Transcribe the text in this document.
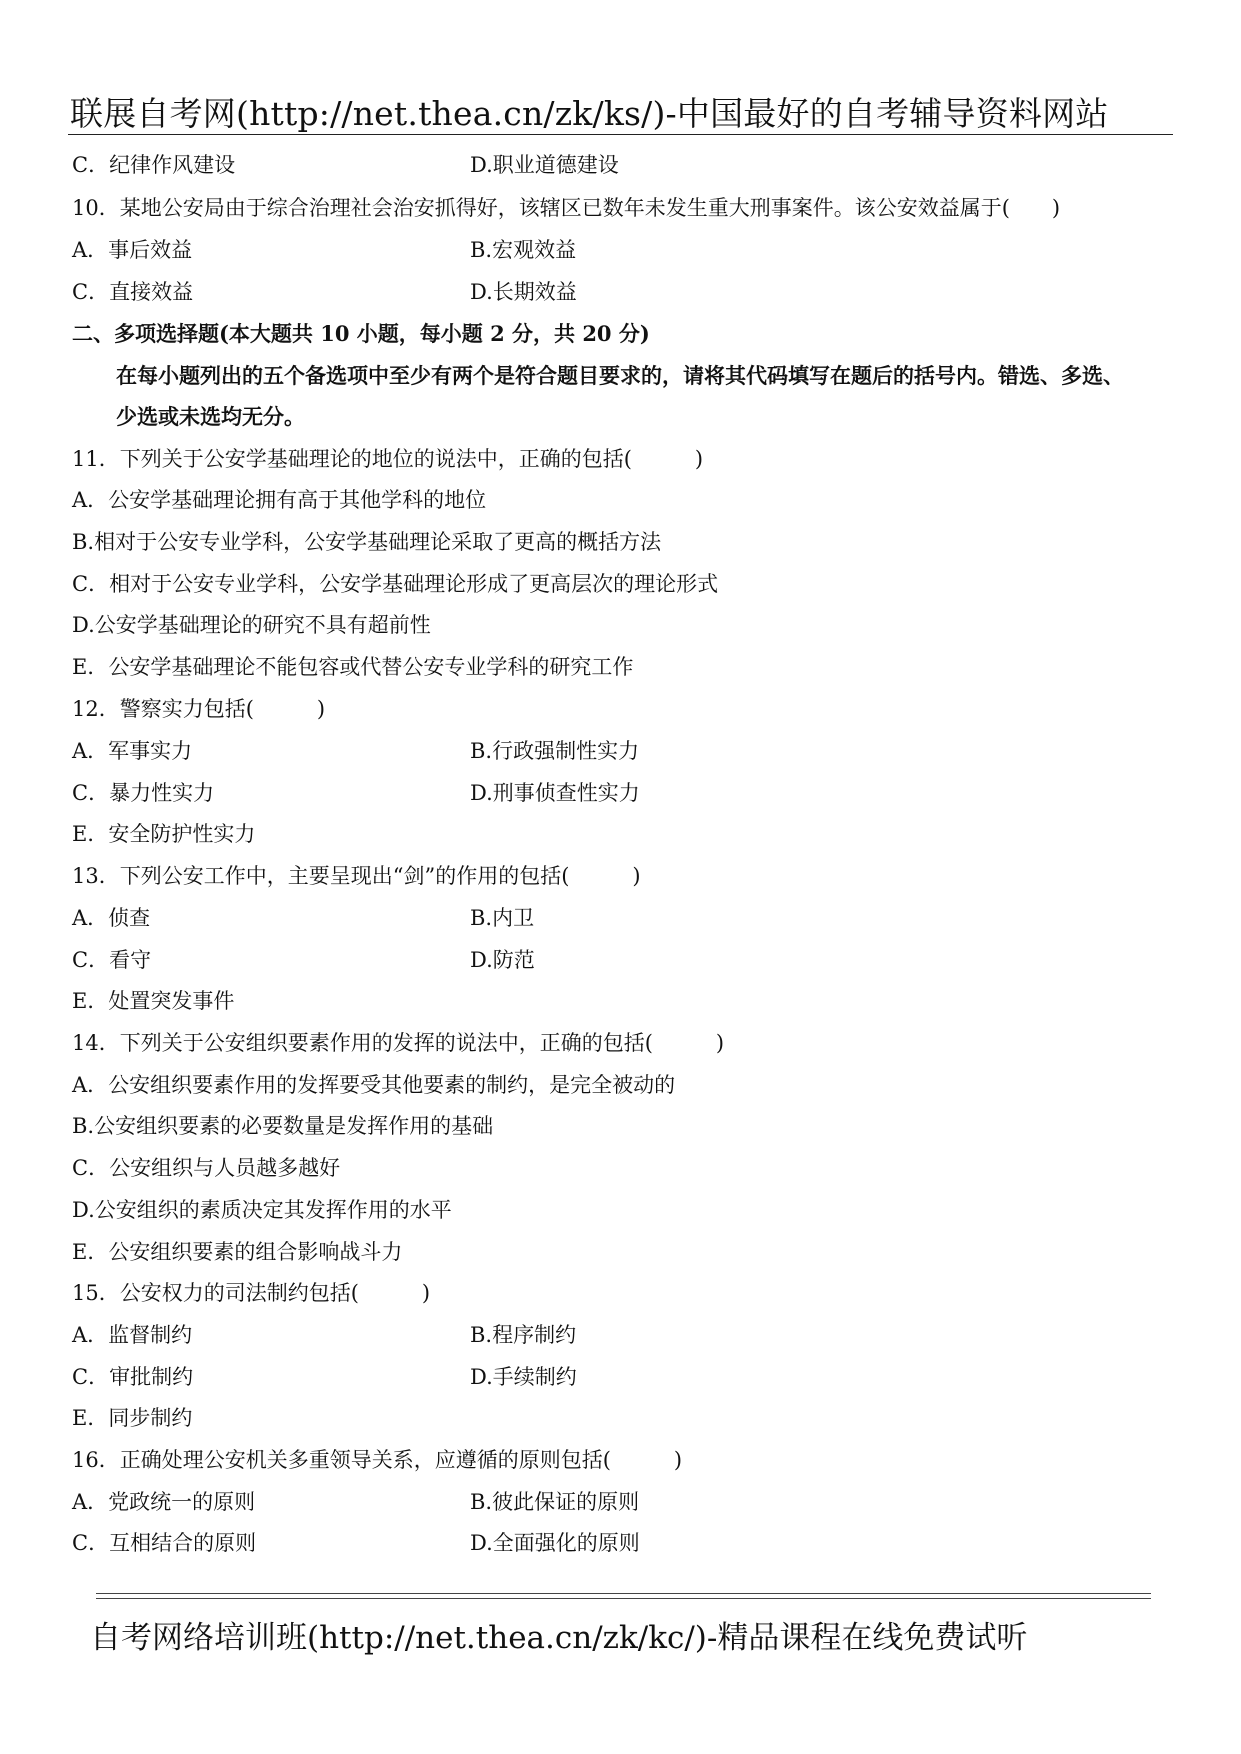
联展自考网(http://net.thea.cn/zk/ks/)-中国最好的自考辅导资料网站
C．纪律作风建设	D.职业道德建设
10．某地公安局由于综合治理社会治安抓得好，该辖区已数年未发生重大刑事案件。该公安效益属于(　　)
A．事后效益	B.宏观效益
C．直接效益	D.长期效益
二、多项选择题(本大题共 10 小题，每小题 2 分，共 20 分)
在每小题列出的五个备选项中至少有两个是符合题目要求的，请将其代码填写在题后的括号内。错选、多选、
少选或未选均无分。
11．下列关于公安学基础理论的地位的说法中，正确的包括(　　　)
A．公安学基础理论拥有高于其他学科的地位
B.相对于公安专业学科，公安学基础理论采取了更高的概括方法
C．相对于公安专业学科，公安学基础理论形成了更高层次的理论形式
D.公安学基础理论的研究不具有超前性
E．公安学基础理论不能包容或代替公安专业学科的研究工作
12．警察实力包括(　　　)
A．军事实力	B.行政强制性实力
C．暴力性实力	D.刑事侦查性实力
E．安全防护性实力
13．下列公安工作中，主要呈现出“剑”的作用的包括(　　　)
A．侦查	B.内卫
C．看守	D.防范
E．处置突发事件
14．下列关于公安组织要素作用的发挥的说法中，正确的包括(　　　)
A．公安组织要素作用的发挥要受其他要素的制约，是完全被动的
B.公安组织要素的必要数量是发挥作用的基础
C．公安组织与人员越多越好
D.公安组织的素质决定其发挥作用的水平
E．公安组织要素的组合影响战斗力
15．公安权力的司法制约包括(　　　)
A．监督制约	B.程序制约
C．审批制约	D.手续制约
E．同步制约
16．正确处理公安机关多重领导关系，应遵循的原则包括(　　　)
A．党政统一的原则	B.彼此保证的原则
C．互相结合的原则	D.全面强化的原则
自考网络培训班(http://net.thea.cn/zk/kc/)-精品课程在线免费试听
